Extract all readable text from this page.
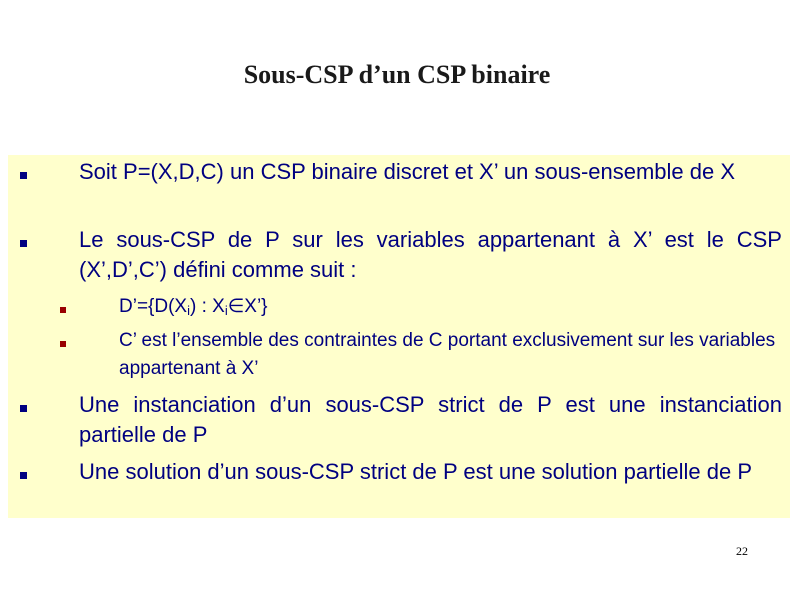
Sous-CSP d’un CSP binaire
Soit P=(X,D,C) un CSP binaire discret et X’ un sous-ensemble de X
Le sous-CSP de P sur les variables appartenant à X’ est le CSP (X’,D’,C’) défini comme suit :
$D’=\{D(X_i)$ : $X_i\in X$’}
C’ est l’ensemble des contraintes de C portant exclusivement sur les variables appartenant à X’
Une instanciation d’un sous-CSP strict de P est une instanciation partielle de P
Une solution d’un sous-CSP strict de P est une solution partielle de P
22
